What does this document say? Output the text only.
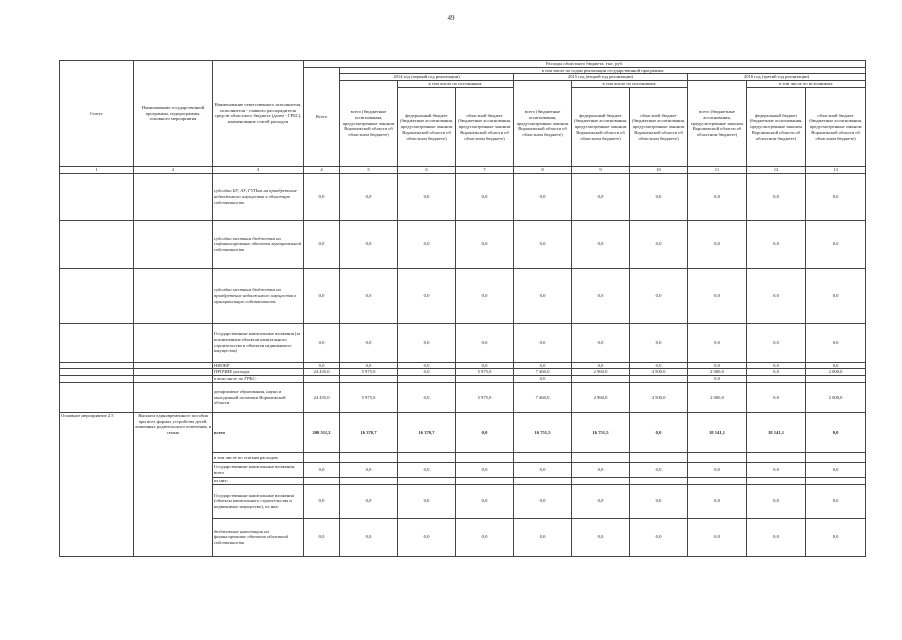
49
Статус	Наименование государственной программы, подпрограммы, основного мероприятия	Наименование ответственного исполнителя, исполнителя - главного распорядителя средств областного бюджета (далее - ГРБС), наименование статей расходов	Расходы областного бюджета, тыс. руб.									
			Всего	в том числе по годам реализации государственной программы								
				2014 год (первый год реализации)			2015 год (второй год реализации)			2016 год (третий год реализации)		
				всего (бюджетные ассигнования, предусмотренные законом Воронежской области об областном бюджете)	в том числе по источникам:		всего (бюджетные ассигнования, предусмотренные законом Воронежской области об областном бюджете)	в том числе по источникам:		всего (бюджетные ассигнования, предусмотренные законом Воронежской области об областном бюджете)	в том числе по источникам:	
					федеральный бюджет (бюджетные ассигнования, предусмотренные законом Воронежской области об областном бюджете)	областной бюджет (бюджетные ассигнования, предусмотренные законом Воронежской области об областном бюджете)		федеральный бюджет (бюджетные ассигнования, предусмотренные законом Воронежской области об областном бюджете)	областной бюджет (бюджетные ассигнования, предусмотренные законом Воронежской области об областном бюджете)		федеральный бюджет (бюджетные ассигнования, предусмотренные законом Воронежской области об областном бюджете)	областной бюджет (бюджетные ассигнования, предусмотренные законом Воронежской области об областном бюджете)
1	2	3	4	5	6	7	8	9	10	11	12	13
		субсидии БУ, АУ, ГУПам на приобретение недвижимого имущества в областную собственность	0,0	0,0	0,0	0,0	0,0	0,0	0,0	0,0	0,0	0,0
		субсидии местным бюджетам на софинансирование объектов муниципальной собственности	0,0	0,0	0,0	0,0	0,0	0,0	0,0	0,0	0,0	0,0
		субсидии местным бюджетам на приобретение недвижимого имущества в муниципальную собственность	0,0	0,0	0,0	0,0	0,0	0,0	0,0	0,0	0,0	0,0
		Государственные капитальные вложения (за исключением объектов капитального строительства и объектов недвижимого имущества)	0,0	0,0	0,0	0,0	0,0	0,0	0,0	0,0	0,0	0,0
		НИОКР	0,0	0,0	0,0	0,0	0,0	0,0	0,0	0,0	0,0	0,0
		ПРОЧИЕ расходы	24 435,0	5 975,0	0,0	5 975,0	7 460,0	2 960,0	4 500,0	2 000,0	0,0	2 000,0
		в том числе по ГРБС:					0,0			0,0		
		департамент образования, науки и молодежной политики Воронежской области	24 435,0	5 975,0	0,0	5 975,0	7 460,0	2 960,0	4 500,0	2 000,0	0,0	2 000,0
Основное мероприятие 2.5	Выплата единовременного пособия при всех формах устройства детей, лишенных родительского попечения, в семью	всего	200 511,2	16 370,7	16 370,7	0,0	16 751,5	16 751,5	0,0	18 141,1	18 141,1	0,0
		в том числе по статьям расходов:										
		Государственные капитальные вложения, всего	0,0	0,0	0,0	0,0	0,0	0,0	0,0	0,0	0,0	0,0
		из них:										
		Государственные капитальные вложения (объекты капитального строительства и недвижимое имущество), из них:	0,0	0,0	0,0	0,0	0,0	0,0	0,0	0,0	0,0	0,0
		бюджетные инвестиции на финансирование объектов областной собственности	0,0	0,0	0,0	0,0	0,0	0,0	0,0	0,0	0,0	0,0
